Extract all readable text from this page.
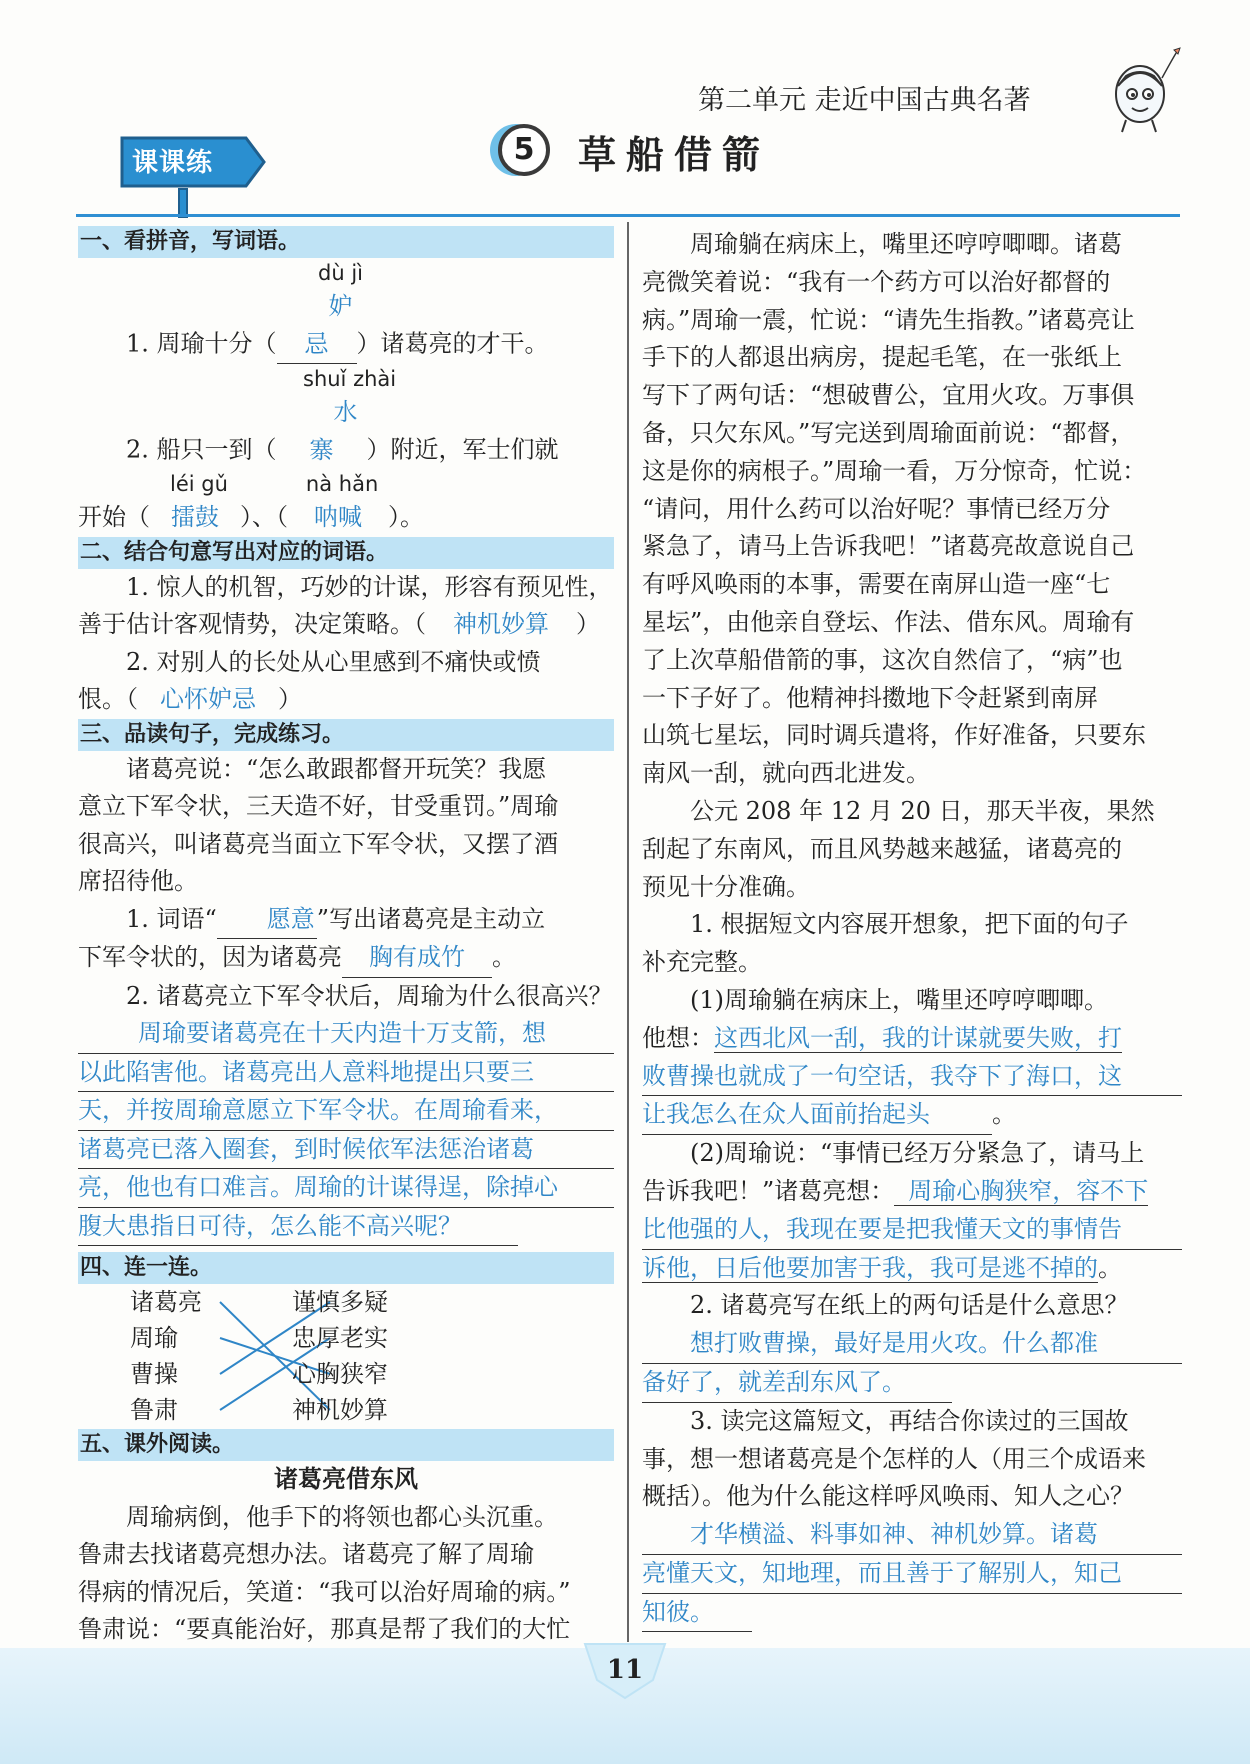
第二单元 走近中国古典名著
课课练	5	草船借箭

一、看拼音，写词语。

dù jì

1. 周瑜十分（妒忌 ）诸葛亮的才干。

shuǐ zhài

2. 船只一到（水寨 ）附近，军士们就

léi gǔ	nà hǎn

开始（ 擂鼓 ）、（ 呐喊 ）。

二、结合句意写出对应的词语。

1. 惊人的机智，巧妙的计谋，形容有预见性，

善于估计客观情势，决定策略。（ 神机妙算 ）

2. 对别人的长处从心里感到不痛快或愤

恨。（ 心怀妒忌 ）

三、品读句子，完成练习。

诸葛亮说：“怎么敢跟都督开玩笑？我愿

意立下军令状，三天造不好，甘受重罚。”周瑜

很高兴，叫诸葛亮当面立下军令状，又摆了酒

席招待他。

1. 词语“ 愿意”写出诸葛亮是主动立

下军令状的，因为诸葛亮 胸有成竹 。

2. 诸葛亮立下军令状后，周瑜为什么很高兴？

周瑜要诸葛亮在十天内造十万支箭，想

以此陷害他。诸葛亮出人意料地提出只要三

天，并按周瑜意愿立下军令状。在周瑜看来，

诸葛亮已落入圈套，到时候依军法惩治诸葛

亮，他也有口难言。周瑜的计谋得逞，除掉心

腹大患指日可待，怎么能不高兴呢？

四、连一连。

诸葛亮
周瑜
曹操
鲁肃
谨慎多疑
忠厚老实
心胸狭窄
神机妙算

五、课外阅读。

诸葛亮借东风

周瑜病倒，他手下的将领也都心头沉重。

鲁肃去找诸葛亮想办法。诸葛亮了解了周瑜

得病的情况后，笑道：“我可以治好周瑜的病。”

鲁肃说：“要真能治好，那真是帮了我们的大忙

周瑜躺在病床上，嘴里还哼哼唧唧。诸葛

亮微笑着说：“我有一个药方可以治好都督的

病。”周瑜一震，忙说：“请先生指教。”诸葛亮让

手下的人都退出病房，提起毛笔，在一张纸上

写下了两句话：“想破曹公，宜用火攻。万事俱

备，只欠东风。”写完送到周瑜面前说：“都督，

这是你的病根子。”周瑜一看，万分惊奇，忙说：

“请问，用什么药可以治好呢？事情已经万分

紧急了，请马上告诉我吧！”诸葛亮故意说自己

有呼风唤雨的本事，需要在南屏山造一座“七

星坛”，由他亲自登坛、作法、借东风。周瑜有

了上次草船借箭的事，这次自然信了，“病”也

一下子好了。他精神抖擞地下令赶紧到南屏

山筑七星坛，同时调兵遣将，作好准备，只要东

南风一刮，就向西北进发。

公元 208 年 12 月 20 日，那天半夜，果然

刮起了东南风，而且风势越来越猛，诸葛亮的

预见十分准确。

1. 根据短文内容展开想象，把下面的句子

补充完整。

(1)周瑜躺在病床上，嘴里还哼哼唧唧。

他想：这西北风一刮，我的计谋就要失败，打

败曹操也就成了一句空话，我夺下了海口，这

让我怎么在众人面前抬起头	。

(2)周瑜说：“事情已经万分紧急了，请马上

告诉我吧！”诸葛亮想： 周瑜心胸狭窄，容不下

比他强的人，我现在要是把我懂天文的事情告

诉他，日后他要加害于我，我可是逃不掉的。

2. 诸葛亮写在纸上的两句话是什么意思？

想打败曹操，最好是用火攻。什么都准

备好了，就差刮东风了。

3. 读完这篇短文，再结合你读过的三国故

事，想一想诸葛亮是个怎样的人（用三个成语来

概括）。他为什么能这样呼风唤雨、知人之心？

才华横溢、料事如神、神机妙算。诸葛

亮懂天文，知地理，而且善于了解别人，知己

知彼。

11
